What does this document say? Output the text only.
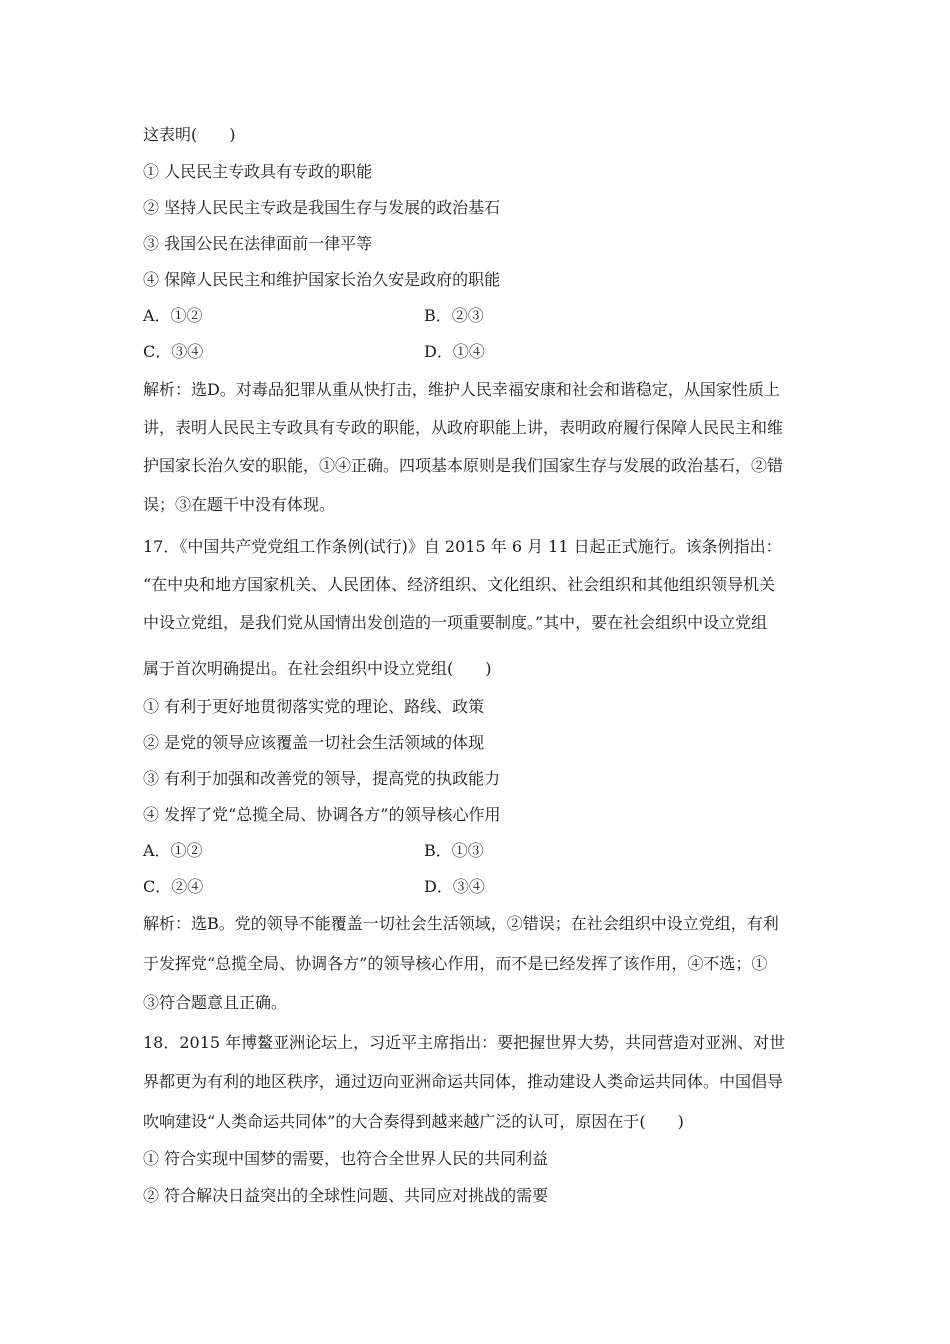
这表明(　　)
① 人民民主专政具有专政的职能
② 坚持人民民主专政是我国生存与发展的政治基石
③ 我国公民在法律面前一律平等
④ 保障人民民主和维护国家长治久安是政府的职能
A．①②	B．②③
C．③④	D．①④
解析：选D。对毒品犯罪从重从快打击，维护人民幸福安康和社会和谐稳定，从国家性质上
讲，表明人民民主专政具有专政的职能，从政府职能上讲，表明政府履行保障人民民主和维
护国家长治久安的职能，①④正确。四项基本原则是我们国家生存与发展的政治基石，②错
误；③在题干中没有体现。
17．《中国共产党党组工作条例(试行)》自 2015 年 6 月 11 日起正式施行。该条例指出：
“在中央和地方国家机关、人民团体、经济组织、文化组织、社会组织和其他组织领导机关
中设立党组，是我们党从国情出发创造的一项重要制度。”其中，要在社会组织中设立党组
属于首次明确提出。在社会组织中设立党组(　　)
① 有利于更好地贯彻落实党的理论、路线、政策
② 是党的领导应该覆盖一切社会生活领域的体现
③ 有利于加强和改善党的领导，提高党的执政能力
④ 发挥了党“总揽全局、协调各方”的领导核心作用
A．①②	B．①③
C．②④	D．③④
解析：选B。党的领导不能覆盖一切社会生活领域，②错误；在社会组织中设立党组，有利
于发挥党“总揽全局、协调各方”的领导核心作用，而不是已经发挥了该作用，④不选；①
③符合题意且正确。
18．2015 年博鳌亚洲论坛上，习近平主席指出：要把握世界大势，共同营造对亚洲、对世
界都更为有利的地区秩序，通过迈向亚洲命运共同体，推动建设人类命运共同体。中国倡导
吹响建设“人类命运共同体”的大合奏得到越来越广泛的认可，原因在于(　　)
① 符合实现中国梦的需要，也符合全世界人民的共同利益
② 符合解决日益突出的全球性问题、共同应对挑战的需要
